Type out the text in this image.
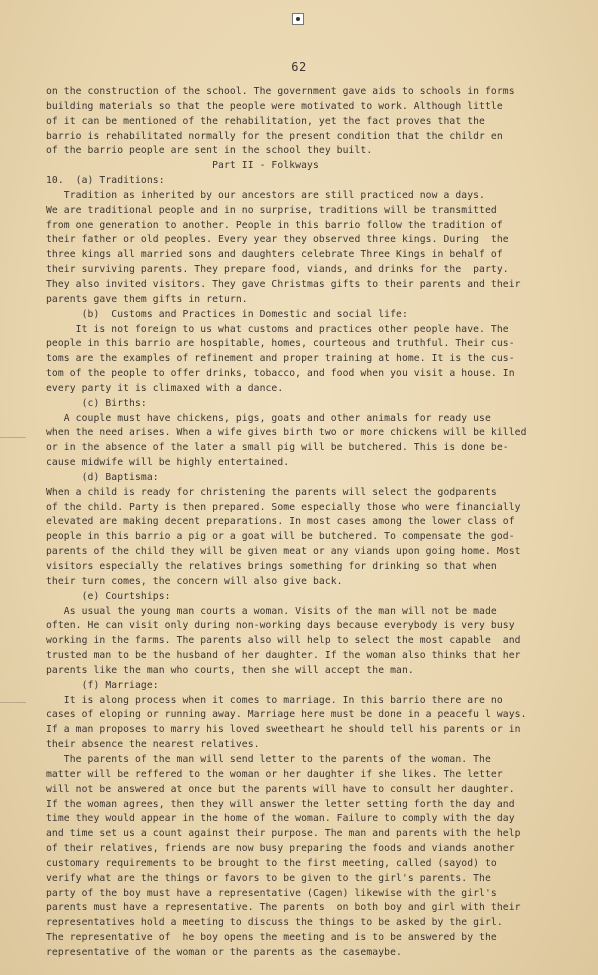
62
on the construction of the school. The government gave aids to schools in forms
building materials so that the people were motivated to work. Although little
of it can be mentioned of the rehabilitation, yet the fact proves that the
barrio is rehabilitated normally for the present condition that the childr en
of the barrio people are sent in the school they built.
Part II - Folkways
10.  (a) Traditions:
Tradition as inherited by our ancestors are still practiced now a days.
We are traditional people and in no surprise, traditions will be transmitted
from one generation to another. People in this barrio follow the tradition of
their father or old peoples. Every year they observed three kings. During  the
three kings all married sons and daughters celebrate Three Kings in behalf of
their surviving parents. They prepare food, viands, and drinks for the  party.
They also invited visitors. They gave Christmas gifts to their parents and their
parents gave them gifts in return.
(b)  Customs and Practices in Domestic and social life:
It is not foreign to us what customs and practices other people have. The
people in this barrio are hospitable, homes, courteous and truthful. Their cus-
toms are the examples of refinement and proper training at home. It is the cus-
tom of the people to offer drinks, tobacco, and food when you visit a house. In
every party it is climaxed with a dance.
(c) Births:
A couple must have chickens, pigs, goats and other animals for ready use
when the need arises. When a wife gives birth two or more chickens will be killed
or in the absence of the later a small pig will be butchered. This is done be-
cause midwife will be highly entertained.
(d) Baptisma:
When a child is ready for christening the parents will select the godparents
of the child. Party is then prepared. Some especially those who were financially
elevated are making decent preparations. In most cases among the lower class of
people in this barrio a pig or a goat will be butchered. To compensate the god-
parents of the child they will be given meat or any viands upon going home. Most
visitors especially the relatives brings something for drinking so that when
their turn comes, the concern will also give back.
(e) Courtships:
As usual the young man courts a woman. Visits of the man will not be made
often. He can visit only during non-working days because everybody is very busy
working in the farms. The parents also will help to select the most capable  and
trusted man to be the husband of her daughter. If the woman also thinks that her
parents like the man who courts, then she will accept the man.
(f) Marriage:
It is along process when it comes to marriage. In this barrio there are no
cases of eloping or running away. Marriage here must be done in a peacefu l ways.
If a man proposes to marry his loved sweetheart he should tell his parents or in
their absence the nearest relatives.
The parents of the man will send letter to the parents of the woman. The
matter will be reffered to the woman or her daughter if she likes. The letter
will not be answered at once but the parents will have to consult her daughter.
If the woman agrees, then they will answer the letter setting forth the day and
time they would appear in the home of the woman. Failure to comply with the day
and time set us a count against their purpose. The man and parents with the help
of their relatives, friends are now busy preparing the foods and viands another
customary requirements to be brought to the first meeting, called (sayod) to
verify what are the things or favors to be given to the girl's parents. The
party of the boy must have a representative (Cagen) likewise with the girl's
parents must have a representative. The parents  on both boy and girl with their
representatives hold a meeting to discuss the things to be asked by the girl.
The representative of  he boy opens the meeting and is to be answered by the
representative of the woman or the parents as the casemaybe.
